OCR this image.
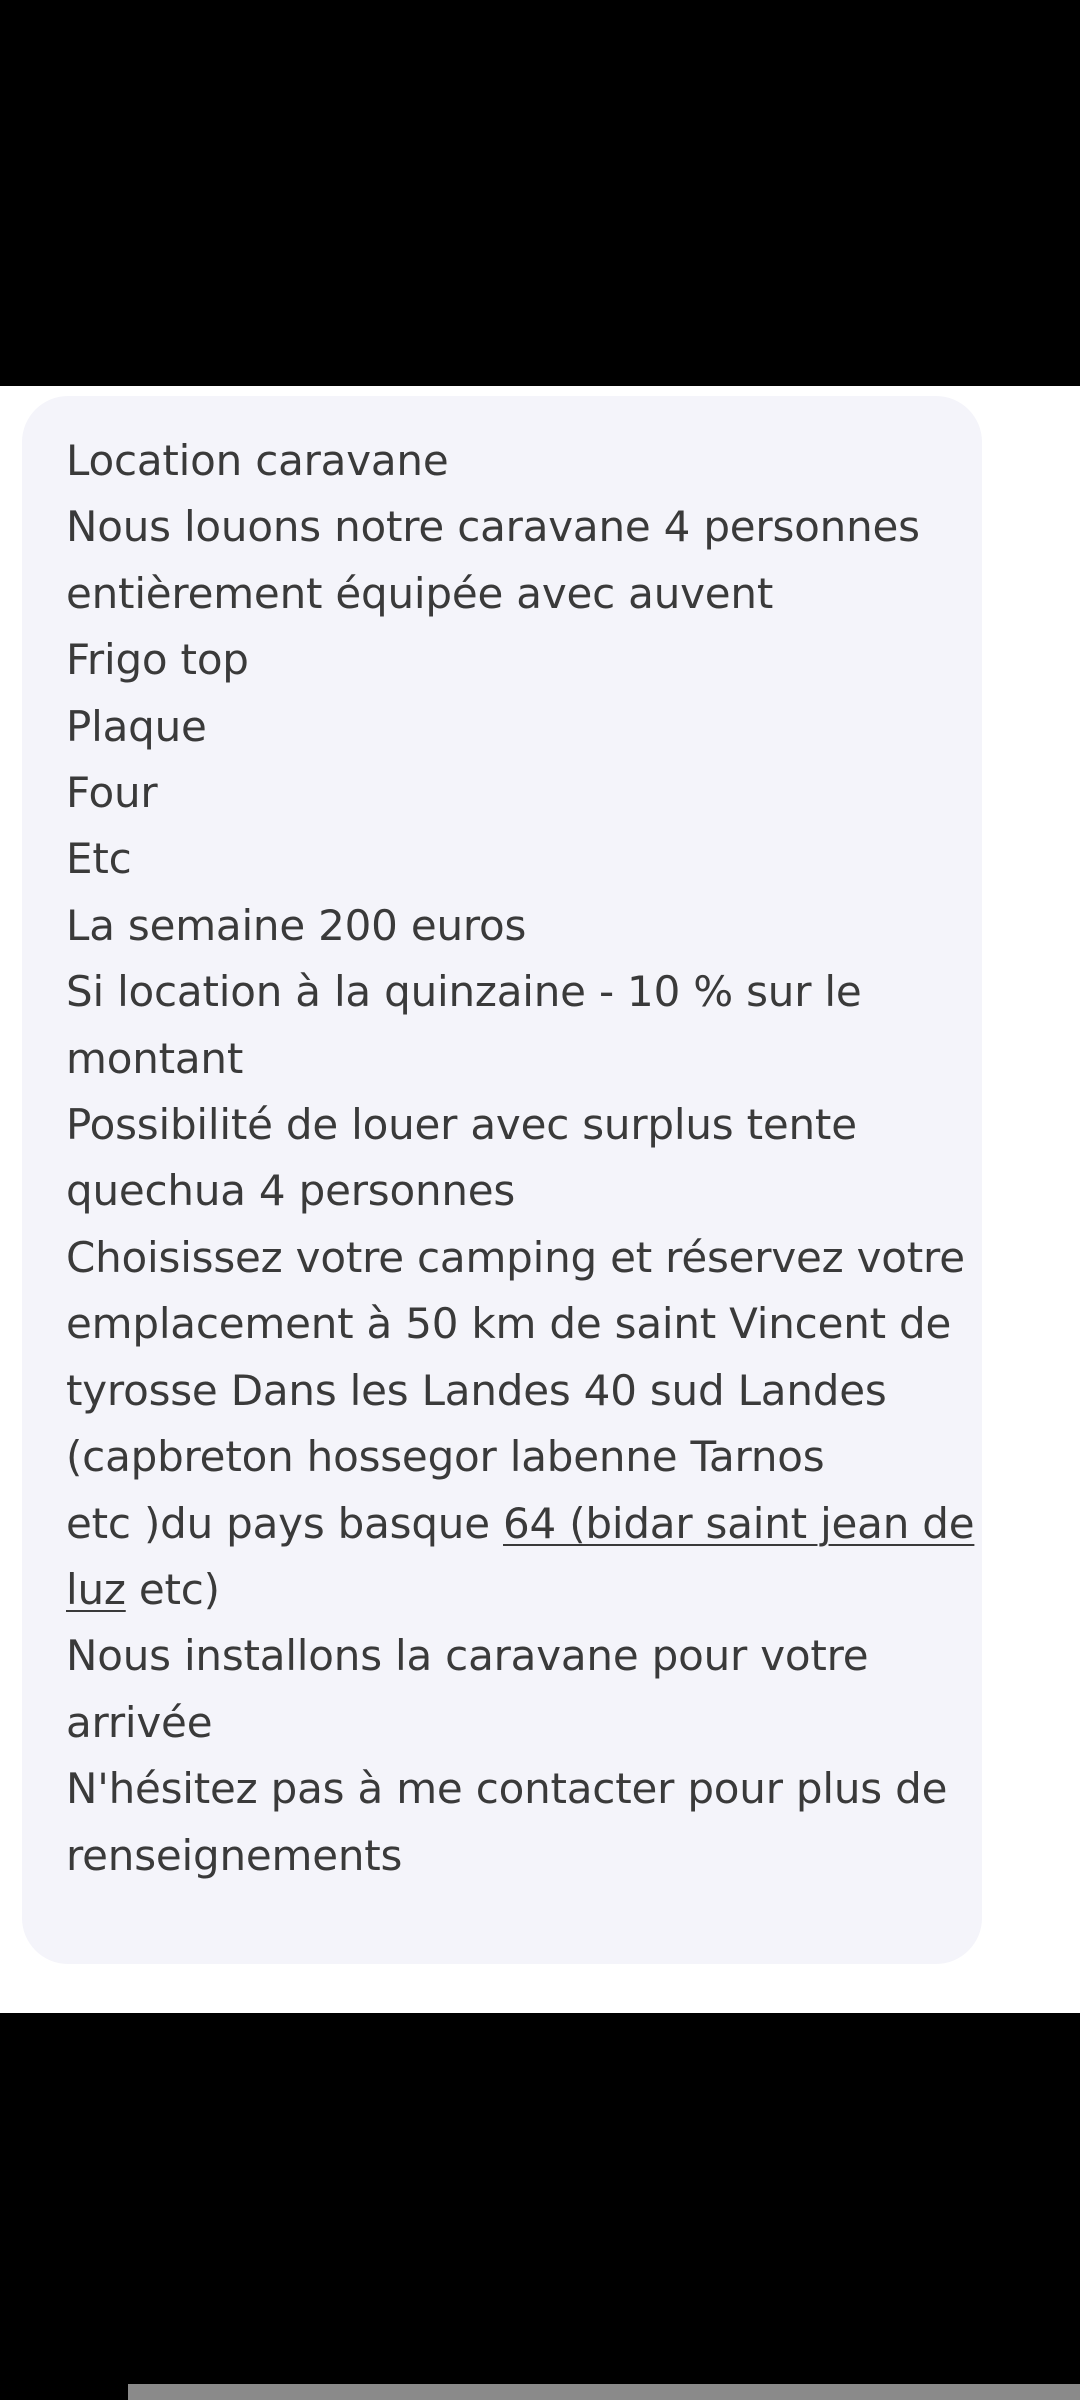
Location caravane
Nous louons notre caravane 4 personnes
entièrement équipée avec auvent
Frigo top
Plaque
Four
Etc
La semaine 200 euros
Si location à la quinzaine - 10 % sur le
montant
Possibilité de louer avec surplus tente
quechua 4 personnes
Choisissez votre camping et réservez votre
emplacement à 50 km de saint Vincent de
tyrosse Dans les Landes 40 sud Landes
(capbreton hossegor labenne Tarnos
etc )du pays basque 64 (bidar saint jean de
luz etc)
Nous installons la caravane pour votre
arrivée
N'hésitez pas à me contacter pour plus de
renseignements
